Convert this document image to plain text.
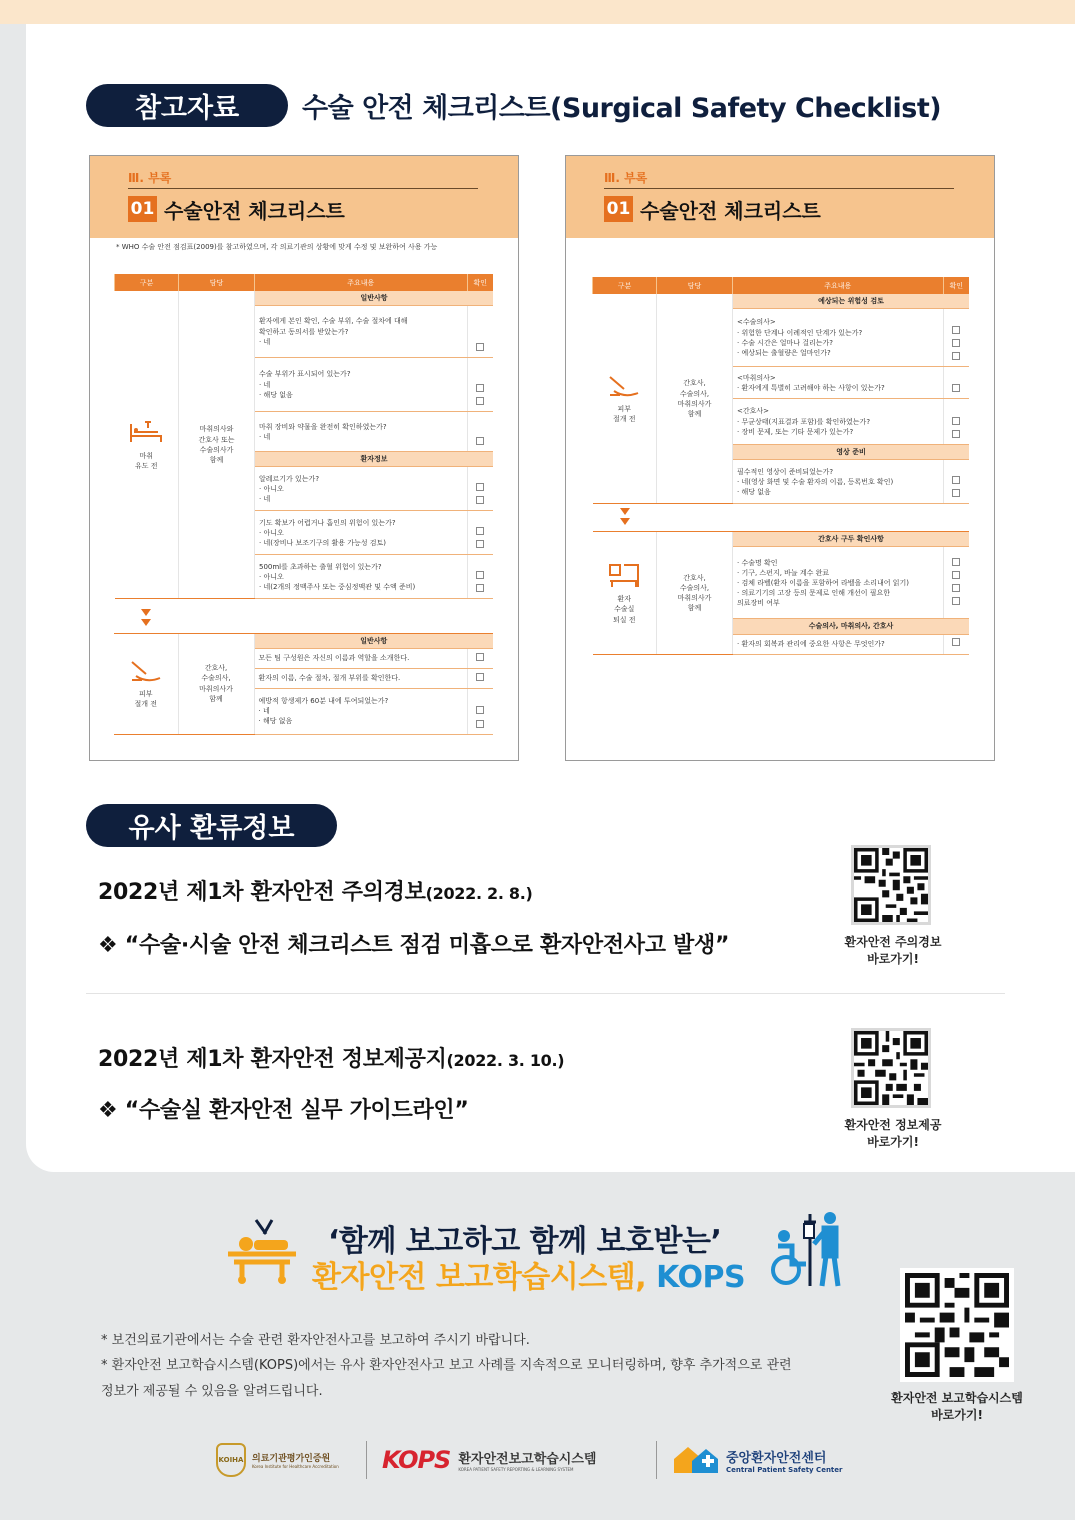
참고자료	수술 안전 체크리스트(Surgical Safety Checklist)
Ⅲ. 부록
01 수술안전 체크리스트
* WHO 수술 안전 점검표(2009)를 참고하였으며, 각 의료기관의 상황에 맞게 수정 및 보완하여 사용 가능
구분	담당	주요내용	확인

마취
유도 전	마취의사와
간호사 또는
수술의사가
함께	일반사항	
		환자에게 본인 확인, 수술 부위, 수술 절차에 대해
확인하고 동의서를 받았는가?
· 네	
		수술 부위가 표시되어 있는가?
· 네
· 해당 없음	

		마취 장비와 약물을 완전히 확인하였는가?
· 네	
		환자정보	
		알레르기가 있는가?
· 아니오
· 네	

		기도 확보가 어렵거나 흡인의 위험이 있는가?
· 아니오
· 네(장비나 보조기구의 활용 가능성 검토)	

		500ml를 초과하는 출혈 위험이 있는가?
· 아니오
· 네(2개의 정맥주사 또는 중심정맥관 및 수액 준비)	

피부
절개 전	간호사,
수술의사,
마취의사가
함께	일반사항	
		모든 팀 구성원은 자신의 이름과 역할을 소개한다.	
		환자의 이름, 수술 절차, 절개 부위를 확인한다.	
		예방적 항생제가 60분 내에 투여되었는가?
· 네
· 해당 없음	

Ⅲ. 부록
01 수술안전 체크리스트
구분	담당	주요내용	확인

피부
절개 전	간호사,
수술의사,
마취의사가
함께	예상되는 위험성 검토	
		<수술의사>
· 위험한 단계나 이례적인 단계가 있는가?
· 수술 시간은 얼마나 걸리는가?
· 예상되는 출혈량은 얼마인가?	

		<마취의사>
· 환자에게 특별히 고려해야 하는 사항이 있는가?	
		<간호사>
· 무균상태(지표결과 포함)를 확인하였는가?
· 장비 문제, 또는 기타 문제가 있는가?	

		영상 준비	
		필수적인 영상이 준비되었는가?
· 네(영상 화면 및 수술 환자의 이름, 등록번호 확인)
· 해당 없음	

환자
수술실
퇴실 전	간호사,
수술의사,
마취의사가
함께	간호사 구두 확인사항	
		· 수술명 확인
· 기구, 스펀지, 바늘 계수 완료
· 검체 라벨(환자 이름을 포함하여 라벨을 소리내어 읽기)
· 의료기기의 고장 등의 문제로 인해 개선이 필요한
의료장비 여부	

		수술의사, 마취의사, 간호사	
		· 환자의 회복과 관리에 중요한 사항은 무엇인가?	
유사 환류정보
2022년 제1차 환자안전 주의경보(2022. 2. 8.)
❖ “수술·시술 안전 체크리스트 점검 미흡으로 환자안전사고 발생”	환자안전 주의경보
바로가기!
2022년 제1차 환자안전 정보제공지(2022. 3. 10.)
❖ “수술실 환자안전 실무 가이드라인”
환자안전 정보제공
바로가기!
‘함께 보고하고 함께 보호받는’
환자안전 보고학습시스템, KOPS
* 보건의료기관에서는 수술 관련 환자안전사고를 보고하여 주시기 바랍니다.
* 환자안전 보고학습시스템(KOPS)에서는 유사 환자안전사고 보고 사례를 지속적으로 모니터링하며, 향후 추가적으로 관련
정보가 제공될 수 있음을 알려드립니다.	환자안전 보고학습시스템
바로가기!
KOIHA 의료기관평가인증원
Korea Institute for Healthcare Accreditation KOPS 환자안전보고학습시스템
KOREA PATIENT SAFETY REPORTING & LEARNING SYSTEM
중앙환자안전센터
Central Patient Safety Center
